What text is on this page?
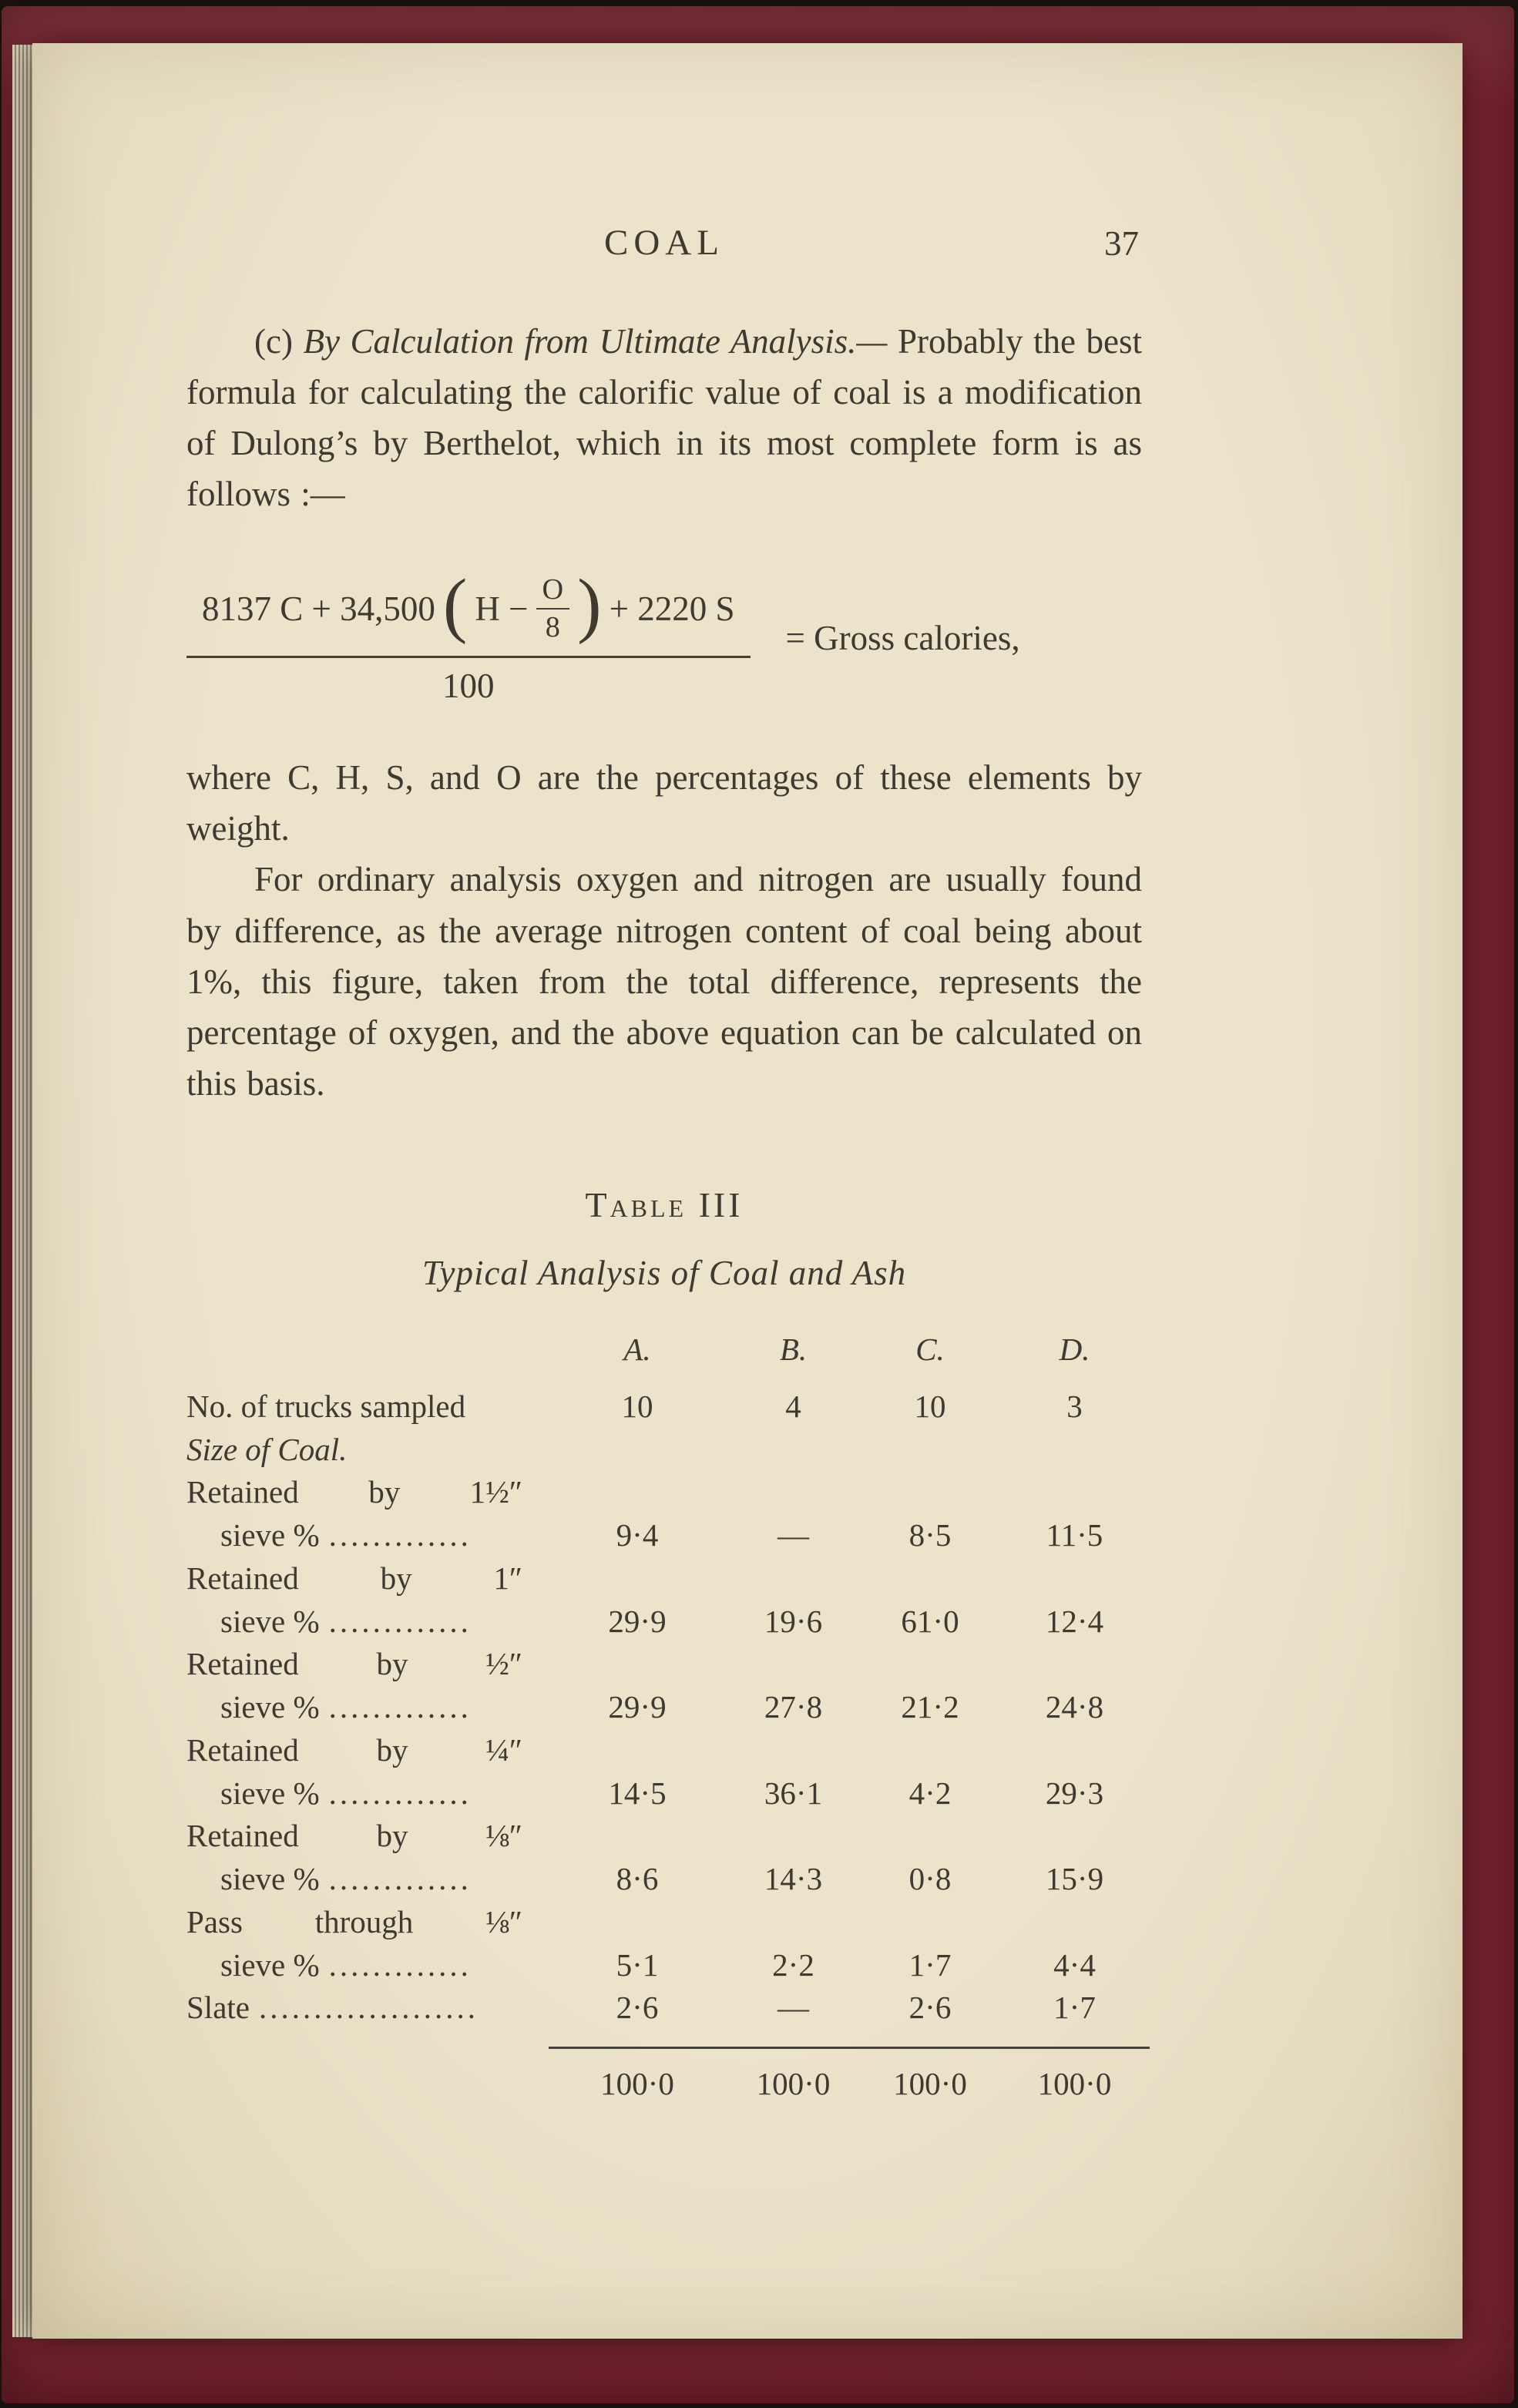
COAL	37

(c) By Calculation from Ultimate Analysis.— Probably the best formula for calculating the calorific value of coal is a modification of Dulong’s by Berthelot, which in its most complete form is as follows :—

8137 C + 34,500 ( $H - \frac{O}{8}$ ) + 2220 S
100
= Gross calories,

where C, H, S, and O are the percentages of these elements by weight.

For ordinary analysis oxygen and nitrogen are usually found by difference, as the average nitrogen content of coal being about 1%, this figure, taken from the total difference, represents the percentage of oxygen, and the above equation can be calculated on this basis.

Table III
Typical Analysis of Coal and Ash
A.	B.	C.	D.
No. of trucks sampled	10	4	10	3
Size of Coal.
Retained by 1½″
sieve % .............	9·4	—	8·5	11·5
Retained	by	1″
sieve % .............	29·9	19·6	61·0	12·4
Retained by ½″
sieve % .............	29·9	27·8	21·2	24·8
Retained by ¼″
sieve % .............	14·5	36·1	4·2	29·3
Retained by ⅛″
sieve % .............	8·6	14·3	0·8	15·9
Pass through ⅛″
sieve % .............	5·1	2·2	1·7	4·4
Slate ....................	2·6	—	2·6	1·7
100·0	100·0	100·0	100·0
